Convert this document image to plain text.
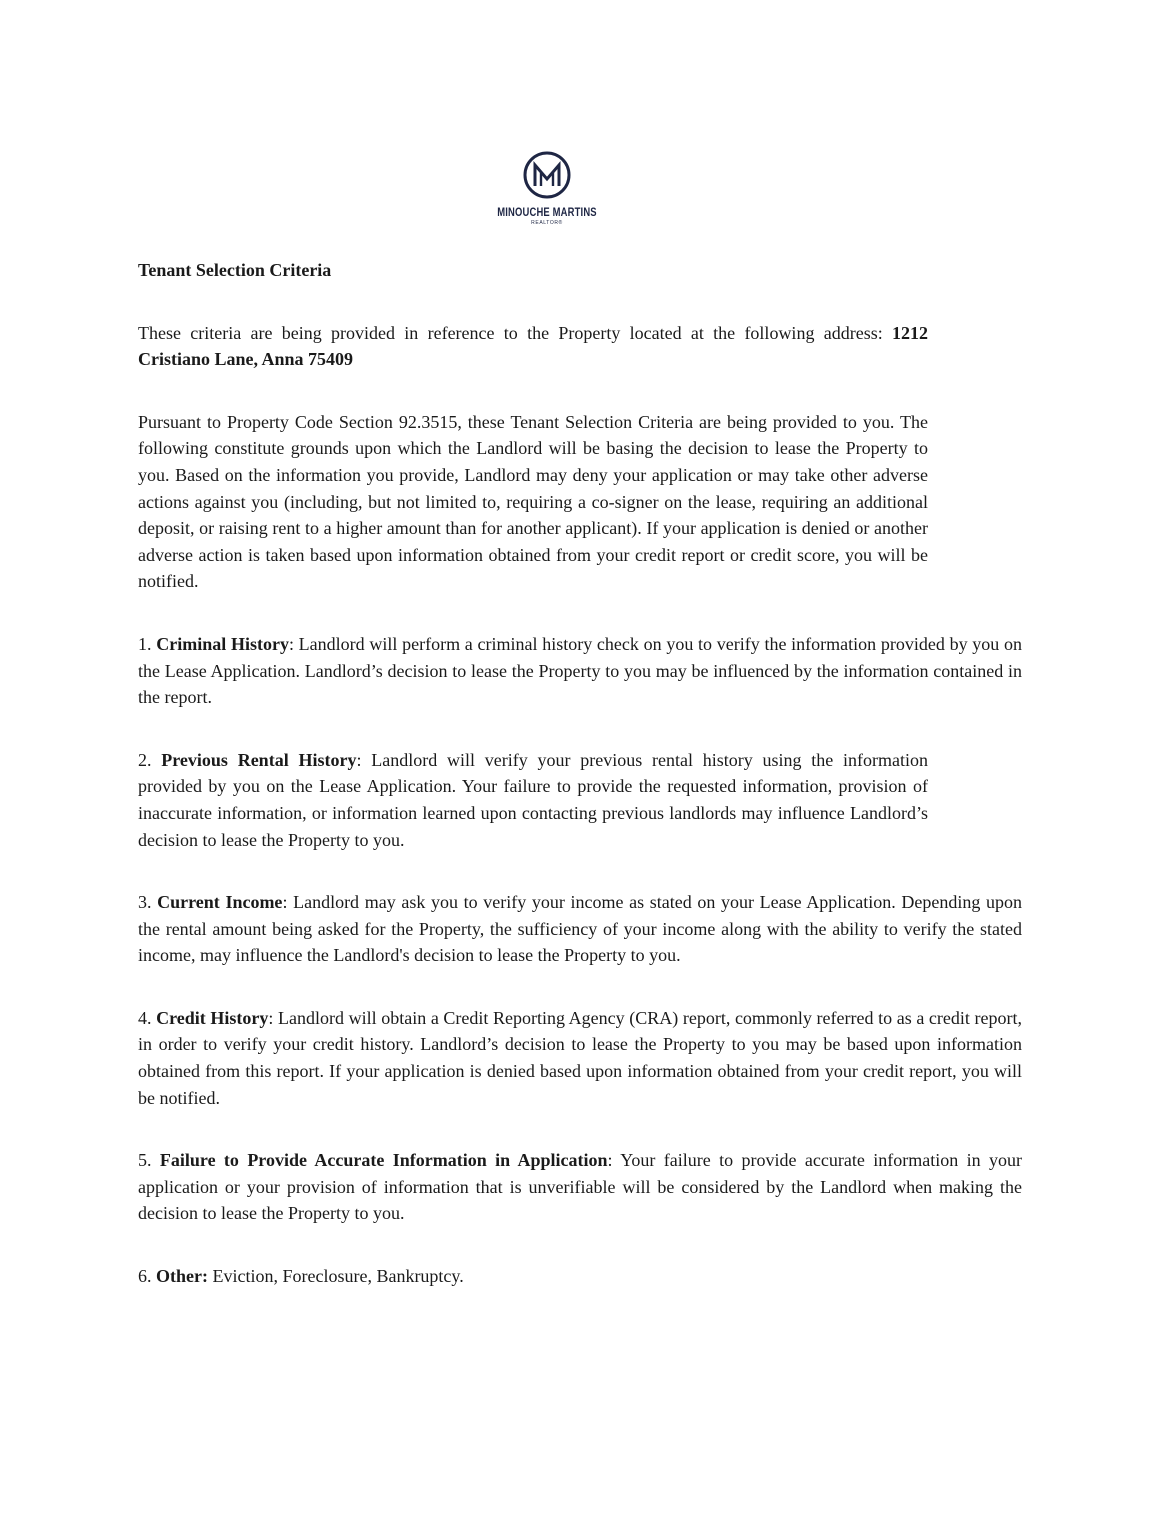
MINOUCHE MARTINS
REALTOR®

Tenant Selection Criteria

These criteria are being provided in reference to the Property located at the following address: 1212 Cristiano Lane, Anna 75409

Pursuant to Property Code Section 92.3515, these Tenant Selection Criteria are being provided to you. The following constitute grounds upon which the Landlord will be basing the decision to lease the Property to you. Based on the information you provide, Landlord may deny your application or may take other adverse actions against you (including, but not limited to, requiring a co-signer on the lease, requiring an additional deposit, or raising rent to a higher amount than for another applicant). If your application is denied or another adverse action is taken based upon information obtained from your credit report or credit score, you will be notified.

1. Criminal History: Landlord will perform a criminal history check on you to verify the information provided by you on the Lease Application. Landlord’s decision to lease the Property to you may be influenced by the information contained in the report.

2. Previous Rental History: Landlord will verify your previous rental history using the information provided by you on the Lease Application. Your failure to provide the requested information, provision of inaccurate information, or information learned upon contacting previous landlords may influence Landlord’s decision to lease the Property to you.

3. Current Income: Landlord may ask you to verify your income as stated on your Lease Application. Depending upon the rental amount being asked for the Property, the sufficiency of your income along with the ability to verify the stated income, may influence the Landlord's decision to lease the Property to you.

4. Credit History: Landlord will obtain a Credit Reporting Agency (CRA) report, commonly referred to as a credit report, in order to verify your credit history. Landlord’s decision to lease the Property to you may be based upon information obtained from this report. If your application is denied based upon information obtained from your credit report, you will be notified.

5. Failure to Provide Accurate Information in Application: Your failure to provide accurate information in your application or your provision of information that is unverifiable will be considered by the Landlord when making the decision to lease the Property to you.

6. Other: Eviction, Foreclosure, Bankruptcy.
